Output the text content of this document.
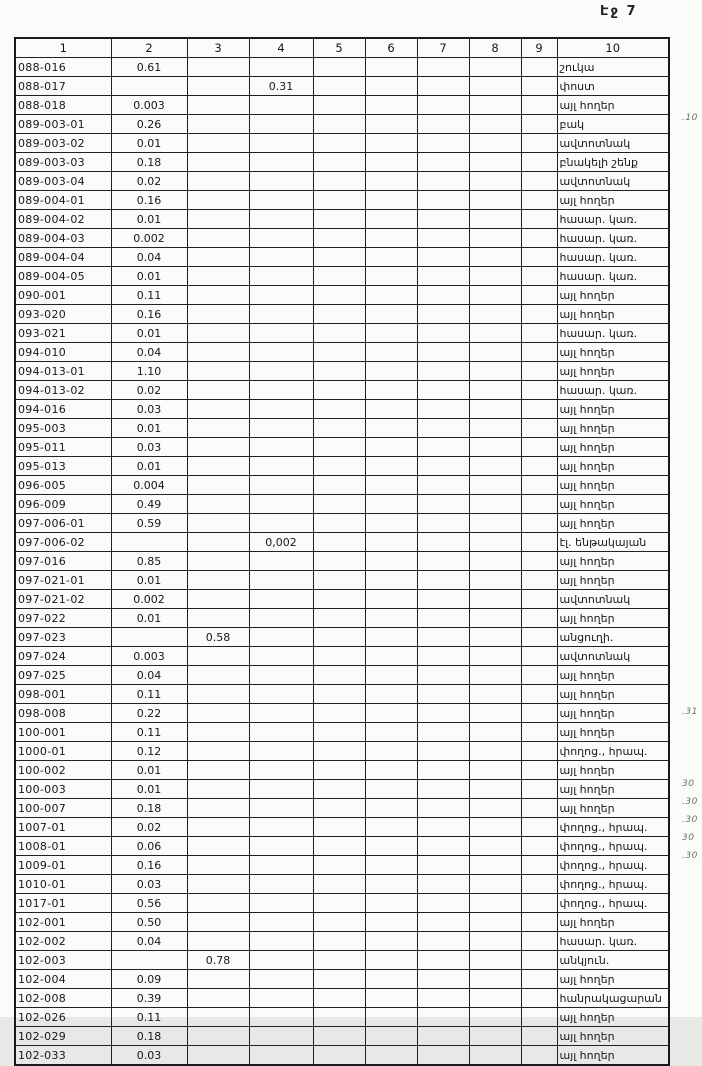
Էջ 7
1	2	3	4	5	6	7	8	9	10
088-016	0.61								շուկա
088-017			0.31						փոստ
088-018	0.003								այլ հողեր
089-003-01	0.26								բակ
089-003-02	0.01								ավտոտնակ
089-003-03	0.18								բնակելի շենք
089-003-04	0.02								ավտոտնակ
089-004-01	0.16								այլ հողեր
089-004-02	0.01								հասար. կառ.
089-004-03	0.002								հասար. կառ.
089-004-04	0.04								հասար. կառ.
089-004-05	0.01								հասար. կառ.
090-001	0.11								այլ հողեր
093-020	0.16								այլ հողեր
093-021	0.01								հասար. կառ.
094-010	0.04								այլ հողեր
094-013-01	1.10								այլ հողեր
094-013-02	0.02								հասար. կառ.
094-016	0.03								այլ հողեր
095-003	0.01								այլ հողեր
095-011	0.03								այլ հողեր
095-013	0.01								այլ հողեր
096-005	0.004								այլ հողեր
096-009	0.49								այլ հողեր
097-006-01	0.59								այլ հողեր
097-006-02			0,002						էլ. ենթակայան
097-016	0.85								այլ հողեր
097-021-01	0.01								այլ հողեր
097-021-02	0.002								ավտոտնակ
097-022	0.01								այլ հողեր
097-023		0.58							անցուղի.
097-024	0.003								ավտոտնակ
097-025	0.04								այլ հողեր
098-001	0.11								այլ հողեր
098-008	0.22								այլ հողեր
100-001	0.11								այլ հողեր
1000-01	0.12								փողոց., հրապ.
100-002	0.01								այլ հողեր
100-003	0.01								այլ հողեր
100-007	0.18								այլ հողեր
1007-01	0.02								փողոց., հրապ.
1008-01	0.06								փողոց., հրապ.
1009-01	0.16								փողոց., հրապ.
1010-01	0.03								փողոց., հրապ.
1017-01	0.56								փողոց., հրապ.
102-001	0.50								այլ հողեր
102-002	0.04								հասար. կառ.
102-003		0.78							անկյուն.
102-004	0.09								այլ հողեր
102-008	0.39								հանրակացարան
102-026	0.11								այլ հողեր
102-029	0.18								այլ հողեր
102-033	0.03								այլ հողեր
.10
.31
30
.30
.30
30
.30
